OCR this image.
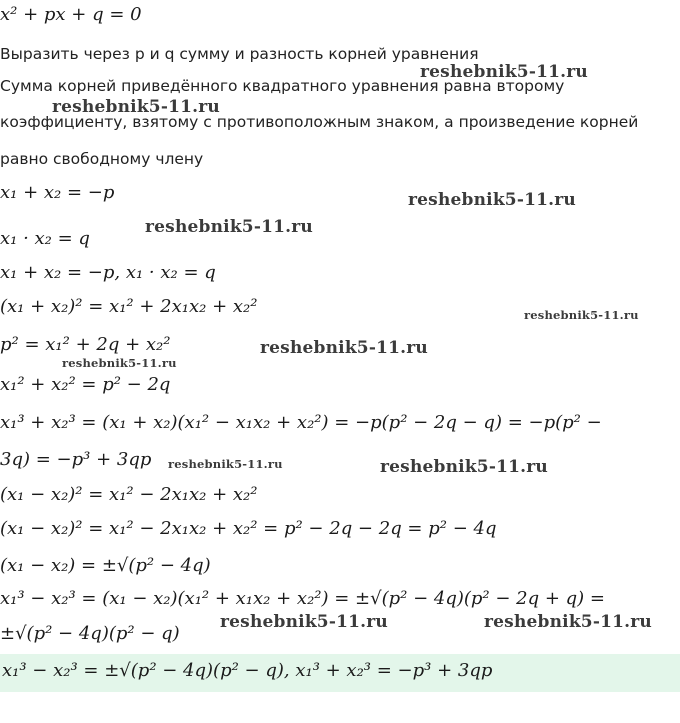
x² + px + q = 0
Выразить через p и q сумму и разность корней уравнения
Сумма корней приведённого квадратного уравнения равна второму
коэффициенту, взятому с противоположным знаком, а произведение корней
равно свободному члену
x₁ + x₂ = −p
x₁ · x₂ = q
x₁ + x₂ = −p, x₁ · x₂ = q
(x₁ + x₂)² = x₁² + 2x₁x₂ + x₂²
p² = x₁² + 2q + x₂²
x₁² + x₂² = p² − 2q
x₁³ + x₂³ = (x₁ + x₂)(x₁² − x₁x₂ + x₂²) = −p(p² − 2q − q) = −p(p² −
3q) = −p³ + 3qp
(x₁ − x₂)² = x₁² − 2x₁x₂ + x₂²
(x₁ − x₂)² = x₁² − 2x₁x₂ + x₂² = p² − 2q − 2q = p² − 4q
(x₁ − x₂) = ±√(p² − 4q)
x₁³ − x₂³ = (x₁ − x₂)(x₁² + x₁x₂ + x₂²) = ±√(p² − 4q)(p² − 2q + q) =
±√(p² − 4q)(p² − q)
x₁³ − x₂³ = ±√(p² − 4q)(p² − q), x₁³ + x₂³ = −p³ + 3qp
reshebnik5-11.ru
reshebnik5-11.ru
reshebnik5-11.ru
reshebnik5-11.ru
reshebnik5-11.ru
reshebnik5-11.ru
reshebnik5-11.ru
reshebnik5-11.ru	reshebnik5-11.ru
reshebnik5-11.ru	reshebnik5-11.ru
